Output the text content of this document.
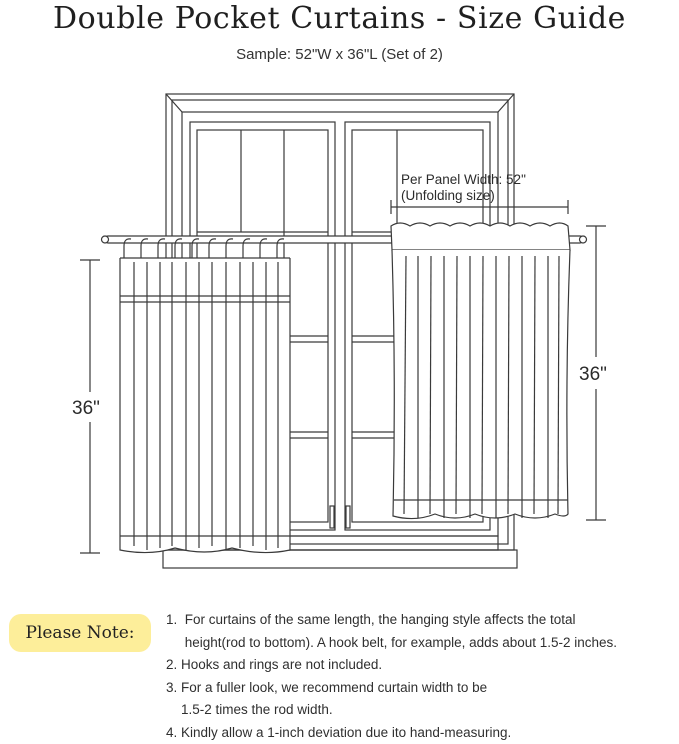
Double Pocket Curtains - Size Guide
Sample: 52"W x 36"L (Set of 2)
36"
36"
Per Panel Width: 52"
(Unfolding size)
Please Note:
1.  For curtains of the same length, the hanging style affects the total
height(rod to bottom). A hook belt, for example, adds about 1.5-2 inches.
2. Hooks and rings are not included.
3. For a fuller look, we recommend curtain width to be
1.5-2 times the rod width.
4. Kindly allow a 1-inch deviation due ito hand-measuring.
